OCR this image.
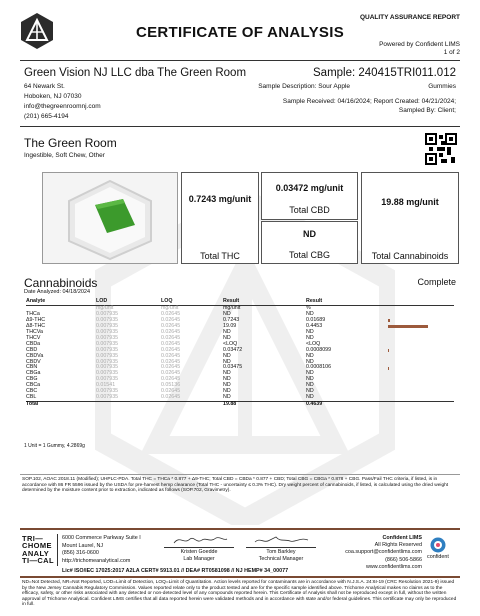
CERTIFICATE OF ANALYSIS
QUALITY ASSURANCE REPORT
Powered by Confident LIMS
1 of 2
Green Vision NJ LLC dba The Green Room
64 Newark St.
Hoboken, NJ 07030
info@thegreenroomnj.com
(201) 665-4194
Sample: 240415TRI011.012
Sample Description: Sour Apple	Gummies
Sample Received: 04/16/2024; Report Created: 04/21/2024;
Sampled By: Client;
The Green Room
Ingestible, Soft Chew, Other
0.7243 mg/unit
Total THC
0.03472 mg/unit
Total CBD
ND
Total CBG
19.88 mg/unit
Total Cannabinoids
Cannabinoids
Date Analyzed: 04/18/2024
Complete
Analyte	LOD	LOQ	Result		Result	
	mg/unit	mg/unit	mg/unit		%	
THCa	0.007935	0.02645	ND		ND	
Δ9-THC	0.007935	0.02645	0.7243		0.01689	

Δ8-THC	0.007935	0.02645	19.09		0.4453	

THCVa	0.007935	0.02645	ND		ND	
THCV	0.007935	0.02645	ND		ND	
CBDa	0.007935	0.02645	<LOQ		<LOQ	
CBD	0.007935	0.02645	0.03472		0.0008099	

CBDVa	0.007935	0.02645	ND		ND	
CBDV	0.007935	0.02645	ND		ND	
CBN	0.007935	0.02645	0.03475		0.0008106	

CBGa	0.007935	0.02645	ND		ND	
CBG	0.007935	0.02645	ND		ND	
CBCa	0.01541	0.05136	ND		ND	
CBC	0.007935	0.02645	ND		ND	
CBL	0.007935	0.02645	ND		ND	
Total			19.88		0.4639	
1 Unit = 1 Gummy, 4.2869g
SOP.102, AOAC 2018.11 (Modified); UHPLC-PDA. Total THC = THCa * 0.877 + Δ9-THC; Total CBD = CBDa * 0.877 + CBD; Total CBG = CBGa * 0.878 + CBG. Pass/Fail THC criteria, if listed, is in accordance with 86 FR 5596 issued by the USDA for pre-harvest hemp clearance (Total THC - uncertainty ≤ 0.3% THC). Dry weight percent of cannabinoids, if listed, is calculated using the dried weight determined by the moisture content prior to extraction, indicated as follows (SOP.702, Gravimetry).
TRI—
CHOME
ANALY
TI—CAL
6000 Commerce Parkway Suite I
Mount Laurel, NJ
(856) 316-0600
http://trichomeanalytical.com
Kristen Goedde
Lab Manager
Tom Barkley
Technical Manager
Confident LIMS
All Rights Reserved
coa.support@confidentlims.com
(866) 506-5866
www.confidentlims.com
confident
Lic# ISO/IEC 17025:2017 A2LA CERT# 5913.01 // DEA# RT0581098 // NJ HEMP# 34_00077
ND=Not Detected, NR=Not Reported, LOD=Limit of Detection, LOQ=Limit of Quantitation. Action levels reported for contaminants are in accordance with N.J.S.A. 24:6I-19 (CRC Resolution 2021-9) issued by the New Jersey Cannabis Regulatory Commission. Values reported relate only to the product tested and are for the specific sample identified above. Trichome Analytical makes no claims as to the efficacy, safety, or other risks associated with any detected or non-detected level of any compounds reported herein. This Certificate of Analysis shall not be reproduced except in full, without the written approval of Trichome Analytical. Confident LIMS certifies that all data reported herein were validated methods and in accordance with state and/or federal guidelines. This certificate may only be reproduced in full.
